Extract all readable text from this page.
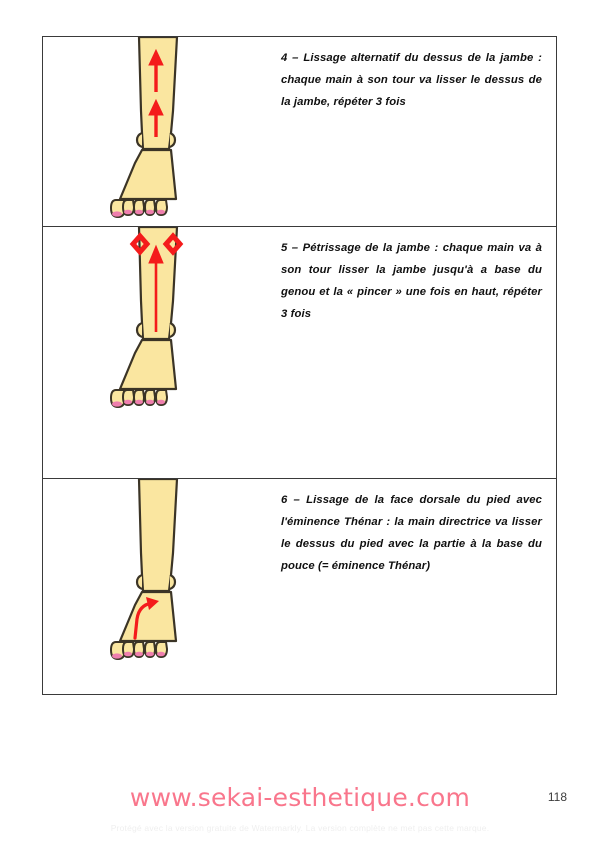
4 – Lissage alternatif du dessus de la jambe : chaque main à son tour va lisser le dessus de la jambe, répéter 3 fois

5 – Pétrissage de la jambe : chaque main va à son tour lisser la jambe jusqu'à a base du genou et la « pincer » une fois en haut, répéter 3 fois

6 – Lissage de la face dorsale du pied avec l'éminence Thénar : la main directrice va lisser le dessus du pied avec la partie à la base du pouce (= éminence Thénar)

www.sekai-esthetique.com	118
Protégé avec la version gratuite de Watermarkly. La version complète ne met pas cette marque.
